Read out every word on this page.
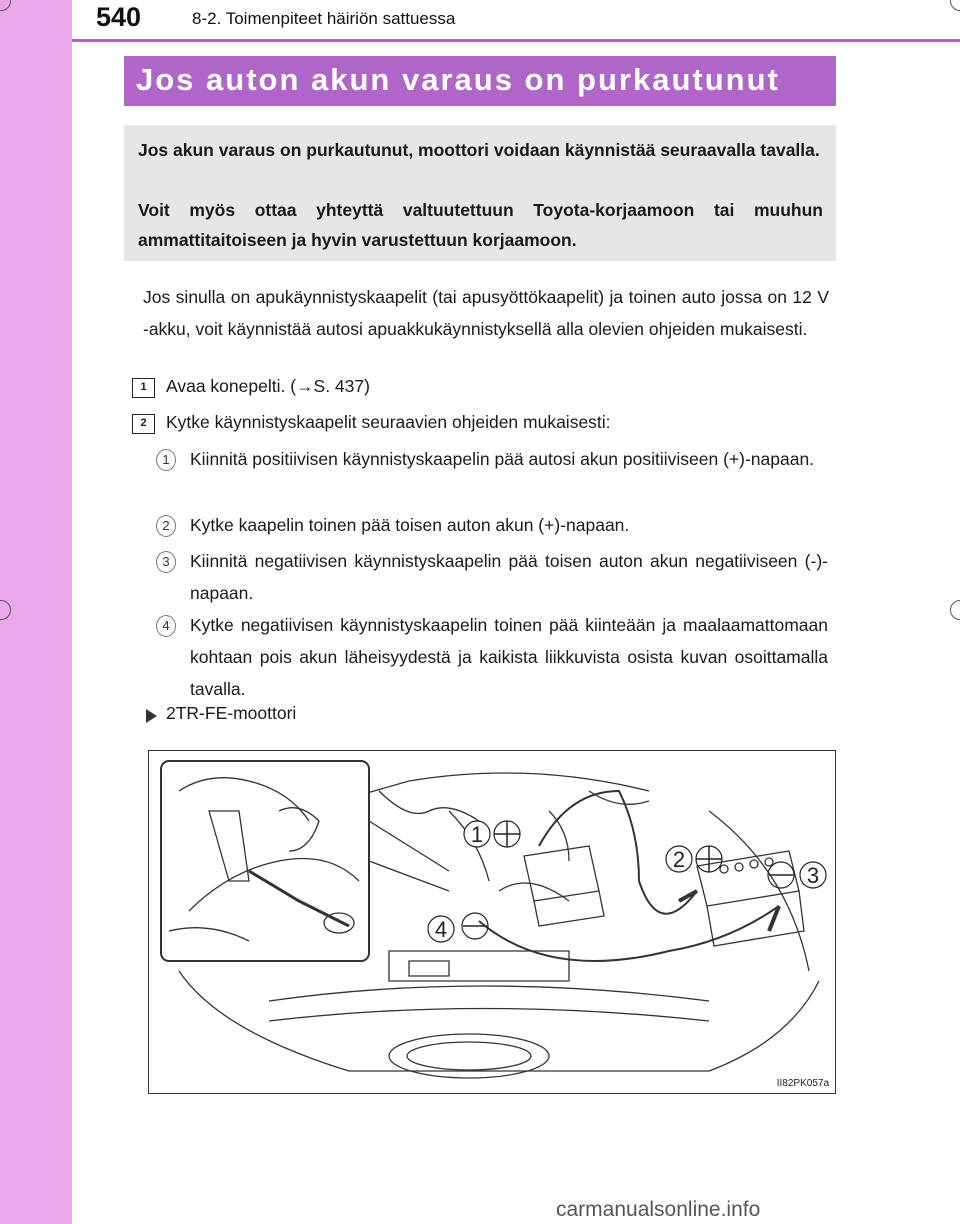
540	8-2. Toimenpiteet häiriön sattuessa
Jos auton akun varaus on purkautunut

Jos akun varaus on purkautunut, moottori voidaan käynnistää seuraavalla tavalla.

Voit myös ottaa yhteyttä valtuutettuun Toyota-korjaamoon tai muuhun ammattitaitoiseen ja hyvin varustettuun korjaamoon.

Jos sinulla on apukäynnistyskaapelit (tai apusyöttökaapelit) ja toinen auto jossa on 12 V -akku, voit käynnistää autosi apuakkukäynnistyksellä alla olevien ohjeiden mukaisesti.
1	Avaa konepelti. (→S. 437)
2	Kytke käynnistyskaapelit seuraavien ohjeiden mukaisesti:
1	Kiinnitä positiivisen käynnistyskaapelin pää autosi akun positiiviseen (+)-napaan.
2	Kytke kaapelin toinen pää toisen auton akun (+)-napaan.
3	Kiinnitä negatiivisen käynnistyskaapelin pää toisen auton akun negatiiviseen (-)-napaan.
4	Kytke negatiivisen käynnistyskaapelin toinen pää kiinteään ja maalaamattomaan kohtaan pois akun läheisyydestä ja kaikista liikkuvista osista kuvan osoittamalla tavalla.
2TR-FE-moottori
1
2
3
4
II82PK057a
carmanualsonline.info
